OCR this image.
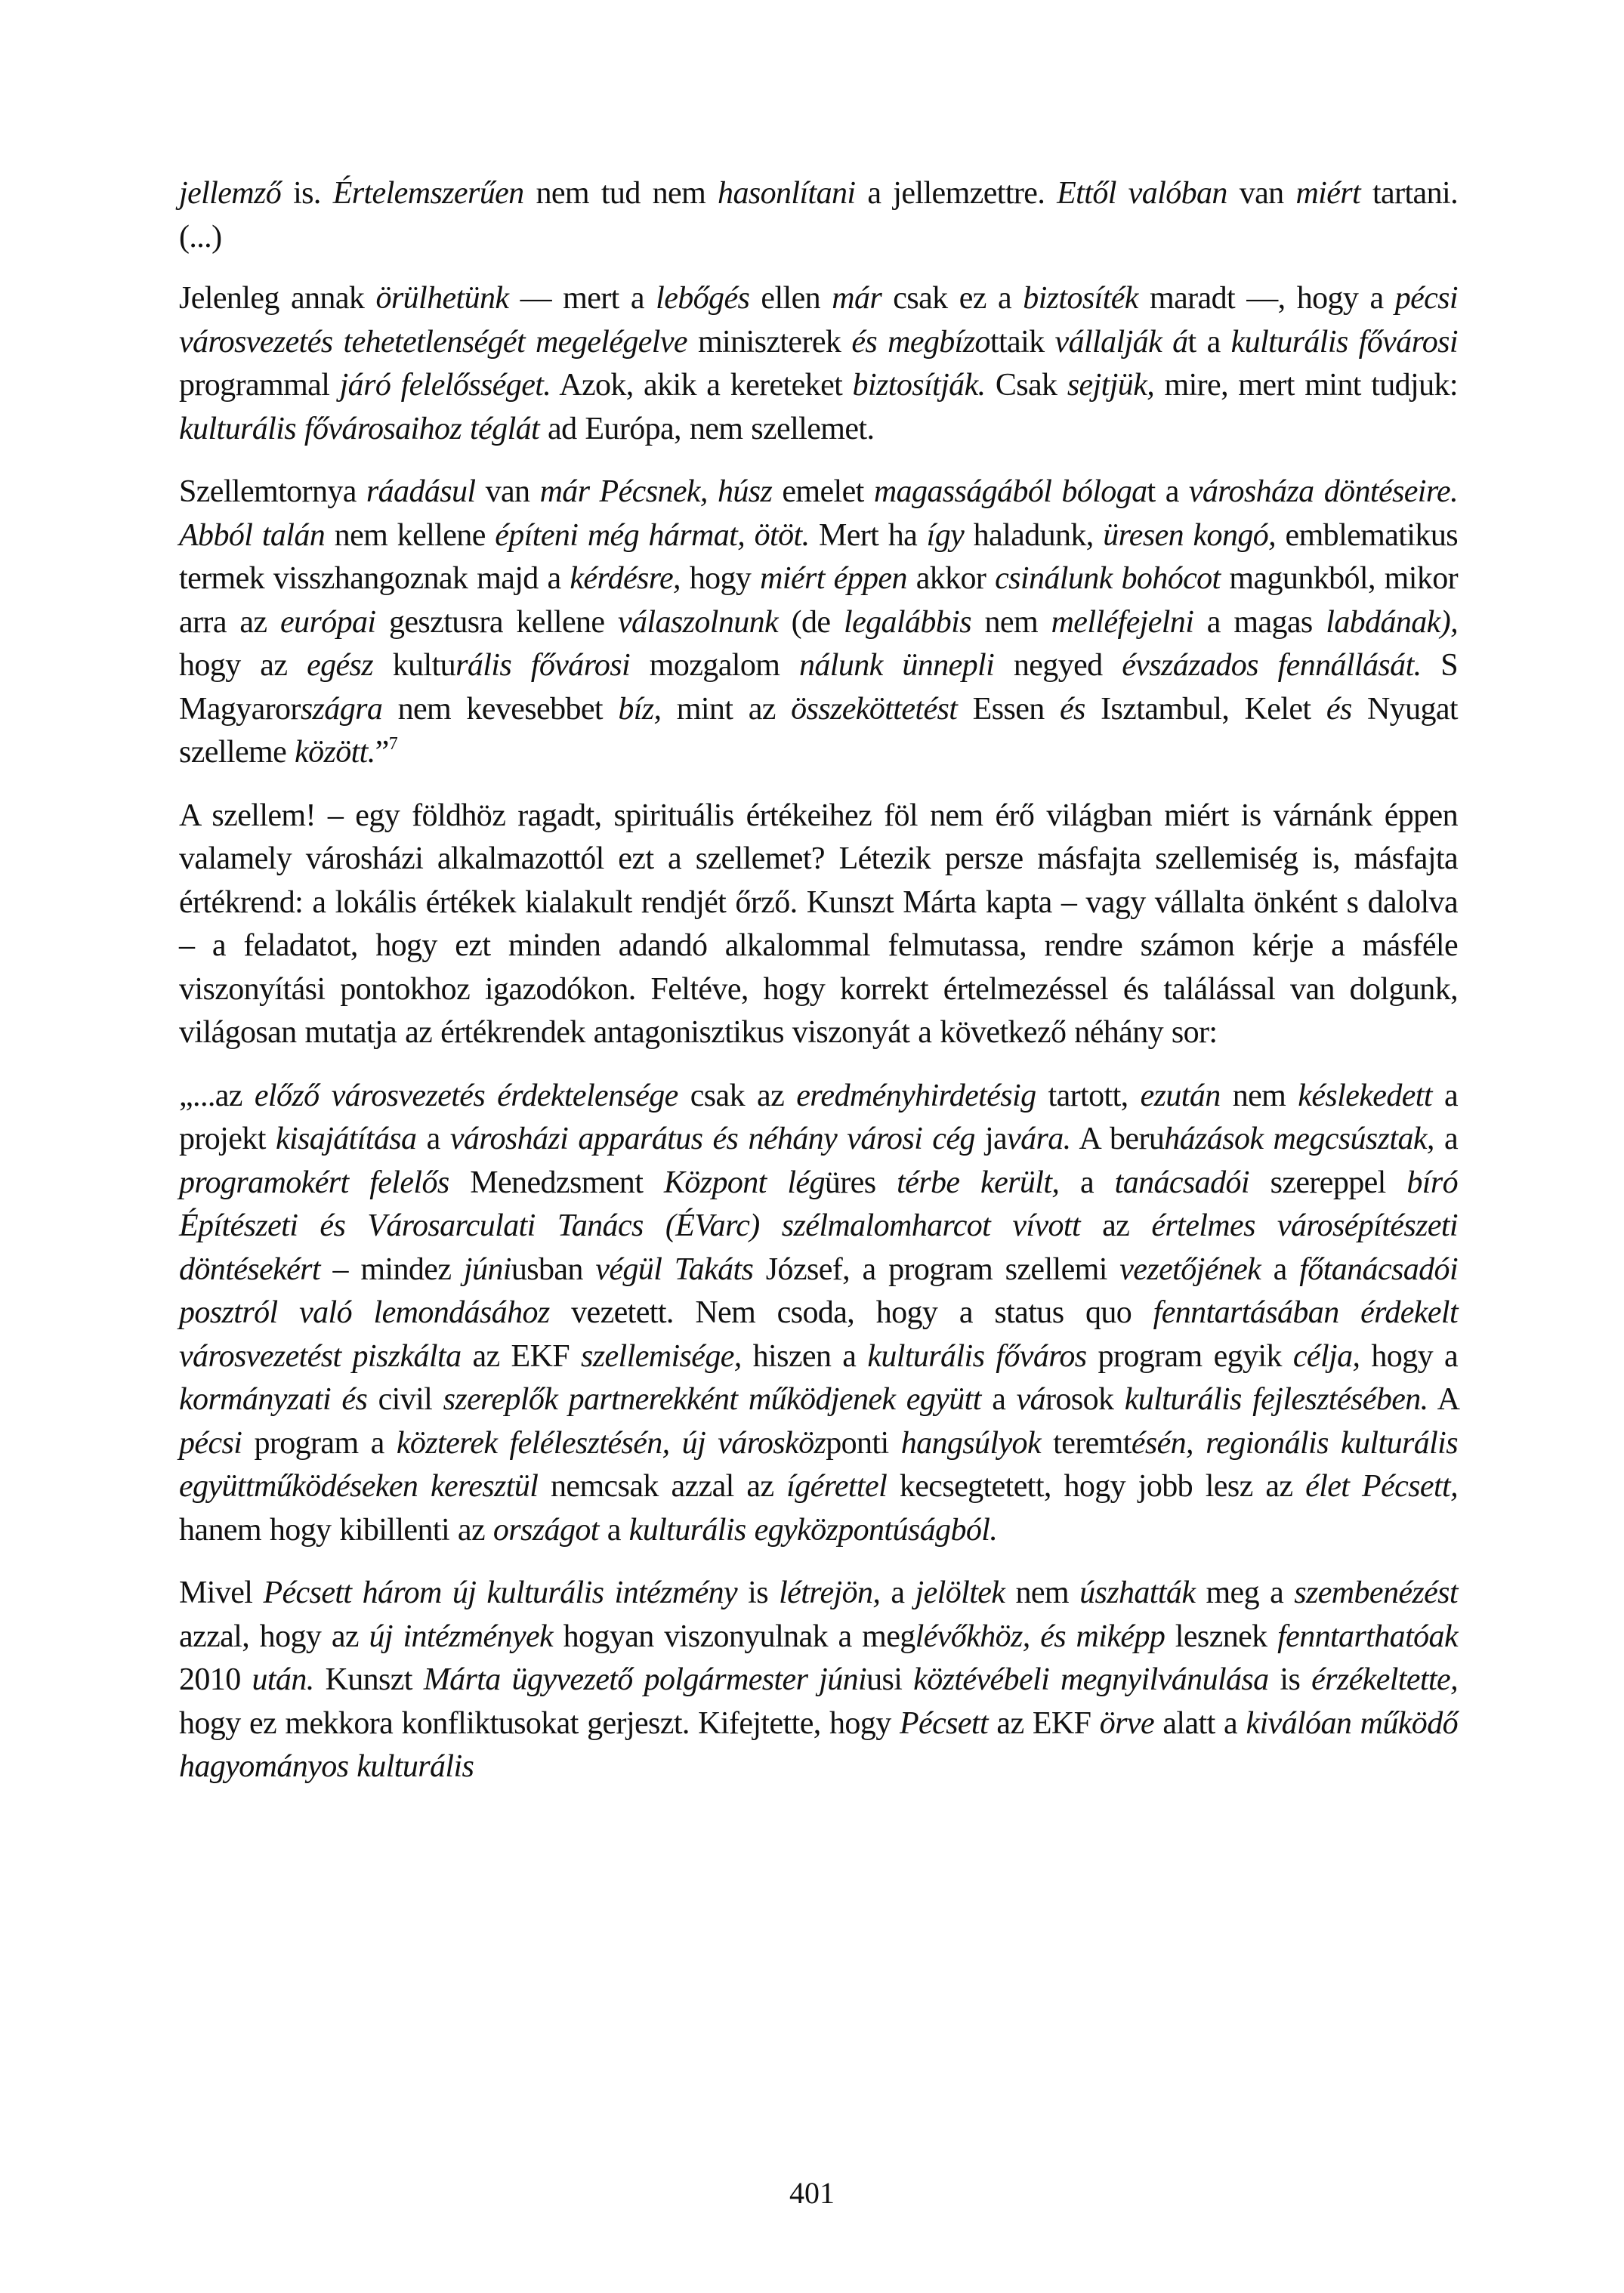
jellemző is. Értelemszerűen nem tud nem hasonlítani a jellemzettre. Ettől valóban van miért tartani. (...)

Jelenleg annak örülhetünk — mert a lebőgés ellen már csak ez a biztosíték maradt —, hogy a pécsi városvezetés tehetetlenségét megelégelve miniszterek és megbízottaik vállalják át a kulturális fővárosi programmal járó felelősséget. Azok, akik a kereteket biztosítják. Csak sejtjük, mire, mert mint tudjuk: kulturális fővárosaihoz téglát ad Európa, nem szellemet.

Szellemtornya ráadásul van már Pécsnek, húsz emelet magasságából bólogat a városháza döntéseire. Abból talán nem kellene építeni még hármat, ötöt. Mert ha így haladunk, üresen kongó, emblematikus termek visszhangoznak majd a kérdésre, hogy miért éppen akkor csinálunk bohócot magunkból, mikor arra az európai gesztusra kellene válaszolnunk (de legalábbis nem melléfejelni a magas labdának), hogy az egész kulturális fővárosi mozgalom nálunk ünnepli negyed évszázados fennállását. S Magyarországra nem kevesebbet bíz, mint az összeköttetést Essen és Isztambul, Kelet és Nyugat szelleme között.”$^7$

A szellem! – egy földhöz ragadt, spirituális értékeihez föl nem érő világban miért is várnánk éppen valamely városházi alkalmazottól ezt a szellemet? Létezik persze másfajta szellemiség is, másfajta értékrend: a lokális értékek kialakult rendjét őrző. Kunszt Márta kapta – vagy vállalta önként s dalolva – a feladatot, hogy ezt minden adandó alkalommal felmutassa, rendre számon kérje a másféle viszonyítási pontokhoz igazodókon. Feltéve, hogy korrekt értelmezéssel és találással van dolgunk, világosan mutatja az értékrendek antagonisztikus viszonyát a következő néhány sor:

„...az előző városvezetés érdektelensége csak az eredményhirdetésig tartott, ezután nem késlekedett a projekt kisajátítása a városházi apparátus és néhány városi cég javára. A beruházások megcsúsztak, a programokért felelős Menedzsment Központ légüres térbe került, a tanácsadói szereppel bíró Építészeti és Városarculati Tanács (ÉVarc) szélmalomharcot vívott az értelmes városépítészeti döntésekért – mindez júniusban végül Takáts József, a program szellemi vezetőjének a főtanácsadói posztról való lemondásához vezetett. Nem csoda, hogy a status quo fenntartásában érdekelt városvezetést piszkálta az EKF szellemisége, hiszen a kulturális főváros program egyik célja, hogy a kormányzati és civil szereplők partnerekként működjenek együtt a városok kulturális fejlesztésében. A pécsi program a közterek felélesztésén, új városközponti hangsúlyok teremtésén, regionális kulturális együttműködéseken keresztül nemcsak azzal az ígérettel kecsegtetett, hogy jobb lesz az élet Pécsett, hanem hogy kibillenti az országot a kulturális egyközpontúságból.

Mivel Pécsett három új kulturális intézmény is létrejön, a jelöltek nem úszhatták meg a szembenézést azzal, hogy az új intézmények hogyan viszonyulnak a meglévőkhöz, és miképp lesznek fenntarthatóak 2010 után. Kunszt Márta ügyvezető polgármester júniusi köztévébeli megnyilvánulása is érzékeltette, hogy ez mekkora konfliktusokat gerjeszt. Kifejtette, hogy Pécsett az EKF örve alatt a kiválóan működő hagyományos kulturális

401
